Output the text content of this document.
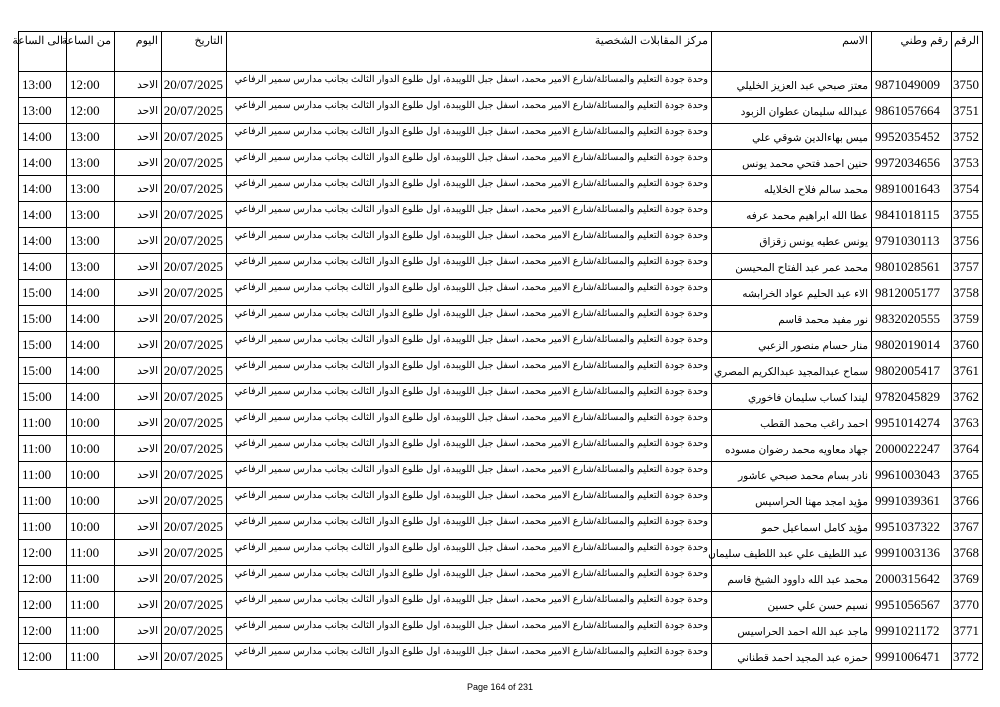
الرقم	رقم وطني	الاسم	مركز المقابلات الشخصية	التاريخ	اليوم	من الساعة	الى الساعة
3750	9871049009	معتز صبحي عبد العزيز الخليلي	وحدة جودة التعليم والمسائلة/شارع الامير محمد، اسفل جبل اللويبدة، اول طلوع الدوار الثالث بجانب مدارس سمير الرفاعي	20/07/2025	الاحد	12:00	13:00
3751	9861057664	عبدالله سليمان عطوان الزبود	وحدة جودة التعليم والمسائلة/شارع الامير محمد، اسفل جبل اللويبدة، اول طلوع الدوار الثالث بجانب مدارس سمير الرفاعي	20/07/2025	الاحد	12:00	13:00
3752	9952035452	ميس بهاءالدين شوقي علي	وحدة جودة التعليم والمسائلة/شارع الامير محمد، اسفل جبل اللويبدة، اول طلوع الدوار الثالث بجانب مدارس سمير الرفاعي	20/07/2025	الاحد	13:00	14:00
3753	9972034656	حنين احمد فتحي محمد يونس	وحدة جودة التعليم والمسائلة/شارع الامير محمد، اسفل جبل اللويبدة، اول طلوع الدوار الثالث بجانب مدارس سمير الرفاعي	20/07/2025	الاحد	13:00	14:00
3754	9891001643	محمد سالم فلاح الخلايله	وحدة جودة التعليم والمسائلة/شارع الامير محمد، اسفل جبل اللويبدة، اول طلوع الدوار الثالث بجانب مدارس سمير الرفاعي	20/07/2025	الاحد	13:00	14:00
3755	9841018115	عطا الله ابراهيم محمد عرفه	وحدة جودة التعليم والمسائلة/شارع الامير محمد، اسفل جبل اللويبدة، اول طلوع الدوار الثالث بجانب مدارس سمير الرفاعي	20/07/2025	الاحد	13:00	14:00
3756	9791030113	يونس عطيه يونس زقزاق	وحدة جودة التعليم والمسائلة/شارع الامير محمد، اسفل جبل اللويبدة، اول طلوع الدوار الثالث بجانب مدارس سمير الرفاعي	20/07/2025	الاحد	13:00	14:00
3757	9801028561	محمد عمر عبد الفتاح المحيسن	وحدة جودة التعليم والمسائلة/شارع الامير محمد، اسفل جبل اللويبدة، اول طلوع الدوار الثالث بجانب مدارس سمير الرفاعي	20/07/2025	الاحد	13:00	14:00
3758	9812005177	الاء عبد الحليم عواد الخرابشه	وحدة جودة التعليم والمسائلة/شارع الامير محمد، اسفل جبل اللويبدة، اول طلوع الدوار الثالث بجانب مدارس سمير الرفاعي	20/07/2025	الاحد	14:00	15:00
3759	9832020555	نور مفيد محمد قاسم	وحدة جودة التعليم والمسائلة/شارع الامير محمد، اسفل جبل اللويبدة، اول طلوع الدوار الثالث بجانب مدارس سمير الرفاعي	20/07/2025	الاحد	14:00	15:00
3760	9802019014	منار حسام منصور الزعبي	وحدة جودة التعليم والمسائلة/شارع الامير محمد، اسفل جبل اللويبدة، اول طلوع الدوار الثالث بجانب مدارس سمير الرفاعي	20/07/2025	الاحد	14:00	15:00
3761	9802005417	سماح عبدالمجيد عبدالكريم المصري	وحدة جودة التعليم والمسائلة/شارع الامير محمد، اسفل جبل اللويبدة، اول طلوع الدوار الثالث بجانب مدارس سمير الرفاعي	20/07/2025	الاحد	14:00	15:00
3762	9782045829	ليندا كساب سليمان فاخوري	وحدة جودة التعليم والمسائلة/شارع الامير محمد، اسفل جبل اللويبدة، اول طلوع الدوار الثالث بجانب مدارس سمير الرفاعي	20/07/2025	الاحد	14:00	15:00
3763	9951014274	احمد راغب محمد القطب	وحدة جودة التعليم والمسائلة/شارع الامير محمد، اسفل جبل اللويبدة، اول طلوع الدوار الثالث بجانب مدارس سمير الرفاعي	20/07/2025	الاحد	10:00	11:00
3764	2000022247	جهاد معاويه محمد رضوان مسوده	وحدة جودة التعليم والمسائلة/شارع الامير محمد، اسفل جبل اللويبدة، اول طلوع الدوار الثالث بجانب مدارس سمير الرفاعي	20/07/2025	الاحد	10:00	11:00
3765	9961003043	نادر بسام محمد صبحي عاشور	وحدة جودة التعليم والمسائلة/شارع الامير محمد، اسفل جبل اللويبدة، اول طلوع الدوار الثالث بجانب مدارس سمير الرفاعي	20/07/2025	الاحد	10:00	11:00
3766	9991039361	مؤيد امجد مهنا الحراسيس	وحدة جودة التعليم والمسائلة/شارع الامير محمد، اسفل جبل اللويبدة، اول طلوع الدوار الثالث بجانب مدارس سمير الرفاعي	20/07/2025	الاحد	10:00	11:00
3767	9951037322	مؤيد كامل اسماعيل حمو	وحدة جودة التعليم والمسائلة/شارع الامير محمد، اسفل جبل اللويبدة، اول طلوع الدوار الثالث بجانب مدارس سمير الرفاعي	20/07/2025	الاحد	10:00	11:00
3768	9991003136	عبد اللطيف علي عبد اللطيف سليمان	وحدة جودة التعليم والمسائلة/شارع الامير محمد، اسفل جبل اللويبدة، اول طلوع الدوار الثالث بجانب مدارس سمير الرفاعي	20/07/2025	الاحد	11:00	12:00
3769	2000315642	محمد عبد الله داوود الشيخ قاسم	وحدة جودة التعليم والمسائلة/شارع الامير محمد، اسفل جبل اللويبدة، اول طلوع الدوار الثالث بجانب مدارس سمير الرفاعي	20/07/2025	الاحد	11:00	12:00
3770	9951056567	نسيم حسن علي حسين	وحدة جودة التعليم والمسائلة/شارع الامير محمد، اسفل جبل اللويبدة، اول طلوع الدوار الثالث بجانب مدارس سمير الرفاعي	20/07/2025	الاحد	11:00	12:00
3771	9991021172	ماجد عبد الله احمد الحراسيس	وحدة جودة التعليم والمسائلة/شارع الامير محمد، اسفل جبل اللويبدة، اول طلوع الدوار الثالث بجانب مدارس سمير الرفاعي	20/07/2025	الاحد	11:00	12:00
3772	9991006471	حمزه عبد المجيد احمد قطناني	وحدة جودة التعليم والمسائلة/شارع الامير محمد، اسفل جبل اللويبدة، اول طلوع الدوار الثالث بجانب مدارس سمير الرفاعي	20/07/2025	الاحد	11:00	12:00
Page 164 of 231
